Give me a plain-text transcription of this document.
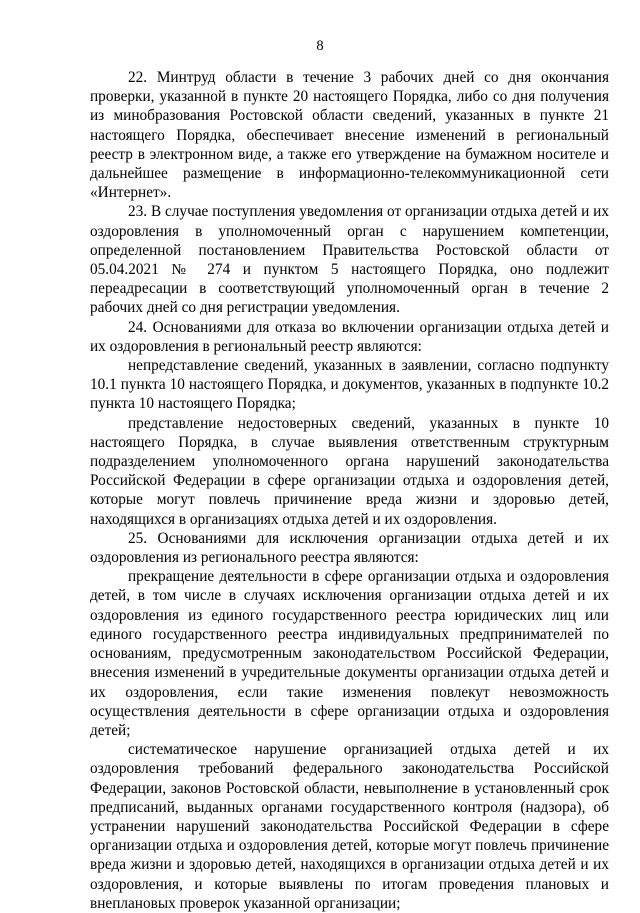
8

22. Минтруд области в течение 3 рабочих дней со дня окончания проверки, указанной в пункте 20 настоящего Порядка, либо со дня получения из минобразования Ростовской области сведений, указанных в пункте 21 настоящего Порядка, обеспечивает внесение изменений в региональный реестр в электронном виде, а также его утверждение на бумажном носителе и дальнейшее размещение в информационно-телекоммуникационной сети «Интернет».

23. В случае поступления уведомления от организации отдыха детей и их оздоровления в уполномоченный орган с нарушением компетенции, определенной постановлением Правительства Ростовской области от 05.04.2021 № 274 и пунктом 5 настоящего Порядка, оно подлежит переадресации в соответствующий уполномоченный орган в течение 2 рабочих дней со дня регистрации уведомления.

24. Основаниями для отказа во включении организации отдыха детей и их оздоровления в региональный реестр являются:

непредставление сведений, указанных в заявлении, согласно подпункту 10.1 пункта 10 настоящего Порядка, и документов, указанных в подпункте 10.2 пункта 10 настоящего Порядка;

представление недостоверных сведений, указанных в пункте 10 настоящего Порядка, в случае выявления ответственным структурным подразделением уполномоченного органа нарушений законодательства Российской Федерации в сфере организации отдыха и оздоровления детей, которые могут повлечь причинение вреда жизни и здоровью детей, находящихся в организациях отдыха детей и их оздоровления.

25. Основаниями для исключения организации отдыха детей и их оздоровления из регионального реестра являются:

прекращение деятельности в сфере организации отдыха и оздоровления детей, в том числе в случаях исключения организации отдыха детей и их оздоровления из единого государственного реестра юридических лиц или единого государственного реестра индивидуальных предпринимателей по основаниям, предусмотренным законодательством Российской Федерации, внесения изменений в учредительные документы организации отдыха детей и их оздоровления, если такие изменения повлекут невозможность осуществления деятельности в сфере организации отдыха и оздоровления детей;

систематическое нарушение организацией отдыха детей и их оздоровления требований федерального законодательства Российской Федерации, законов Ростовской области, невыполнение в установленный срок предписаний, выданных органами государственного контроля (надзора), об устранении нарушений законодательства Российской Федерации в сфере организации отдыха и оздоровления детей, которые могут повлечь причинение вреда жизни и здоровью детей, находящихся в организации отдыха детей и их оздоровления, и которые выявлены по итогам проведения плановых и внеплановых проверок указанной организации;
